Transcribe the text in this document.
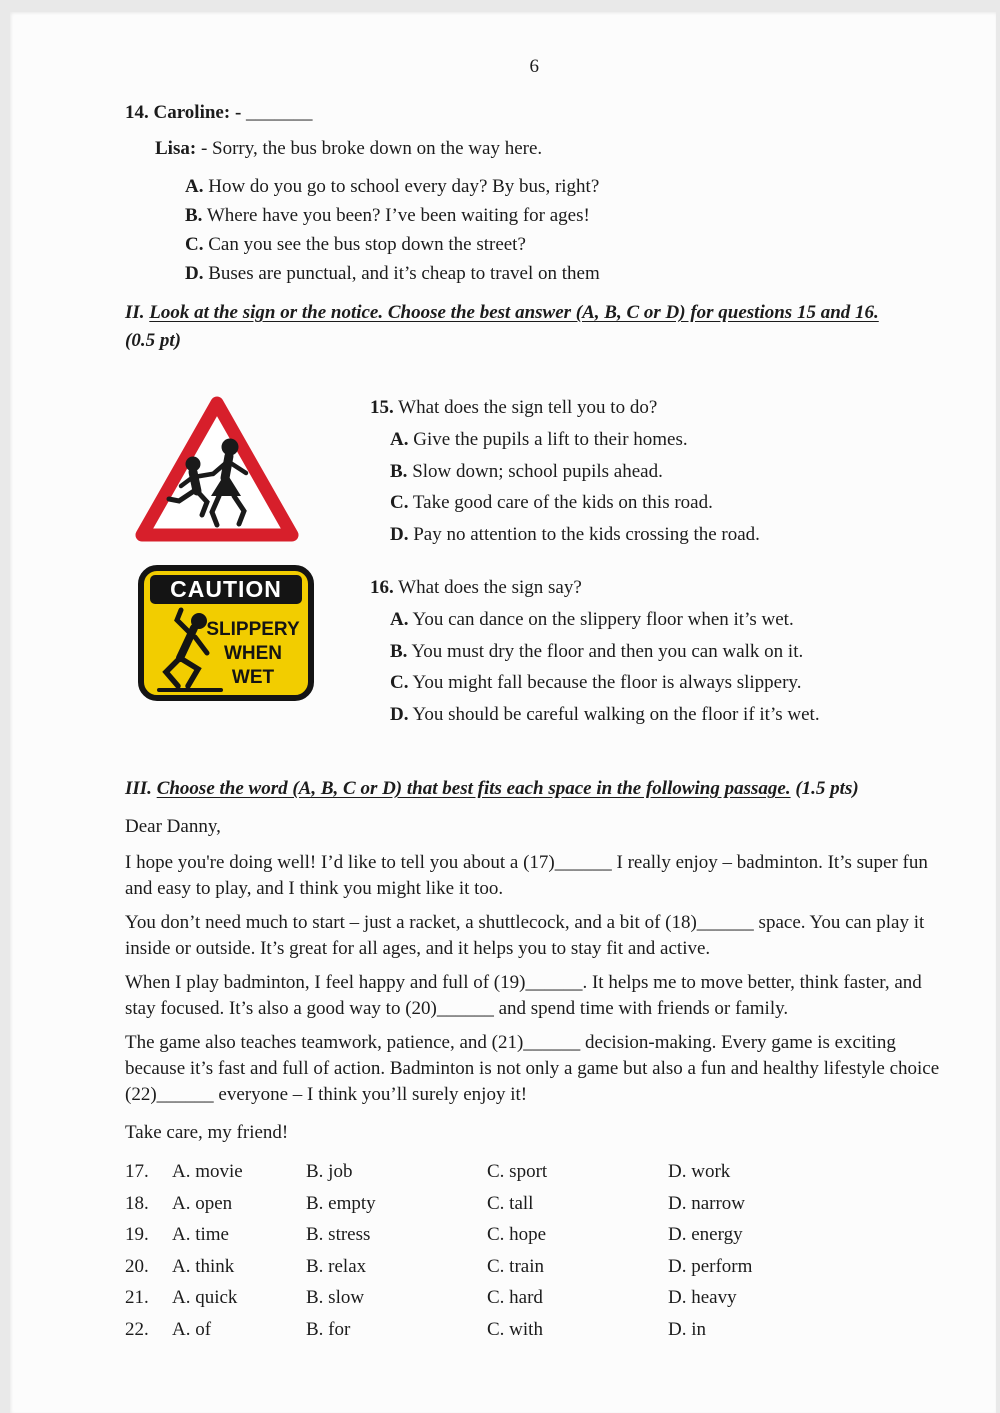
6
14. Caroline: - _______
Lisa: - Sorry, the bus broke down on the way here.
A. How do you go to school every day? By bus, right?
B. Where have you been? I’ve been waiting for ages!
C. Can you see the bus stop down the street?
D. Buses are punctual, and it’s cheap to travel on them
II. Look at the sign or the notice. Choose the best answer (A, B, C or D) for questions 15 and 16.
(0.5 pt)
CAUTION
SLIPPERY
WHEN
WET
15. What does the sign tell you to do?
A. Give the pupils a lift to their homes.
B. Slow down; school pupils ahead.
C. Take good care of the kids on this road.
D. Pay no attention to the kids crossing the road.
16. What does the sign say?
A. You can dance on the slippery floor when it’s wet.
B. You must dry the floor and then you can walk on it.
C. You might fall because the floor is always slippery.
D. You should be careful walking on the floor if it’s wet.
III. Choose the word (A, B, C or D) that best fits each space in the following passage. (1.5 pts)
Dear Danny,

I hope you're doing well! I’d like to tell you about a (17)______ I really enjoy – badminton. It’s super fun and easy to play, and I think you might like it too.

You don’t need much to start – just a racket, a shuttlecock, and a bit of (18)______ space. You can play it inside or outside. It’s great for all ages, and it helps you to stay fit and active.

When I play badminton, I feel happy and full of (19)______. It helps me to move better, think faster, and stay focused. It’s also a good way to (20)______ and spend time with friends or family.

The game also teaches teamwork, patience, and (21)______ decision-making. Every game is exciting because it’s fast and full of action. Badminton is not only a game but also a fun and healthy lifestyle choice (22)______ everyone – I think you’ll surely enjoy it!

Take care, my friend!
17.	A. movie	B. job	C. sport	D. work
18.	A. open	B. empty	C. tall	D. narrow
19.	A. time	B. stress	C. hope	D. energy
20.	A. think	B. relax	C. train	D. perform
21.	A. quick	B. slow	C. hard	D. heavy
22.	A. of	B. for	C. with	D. in
